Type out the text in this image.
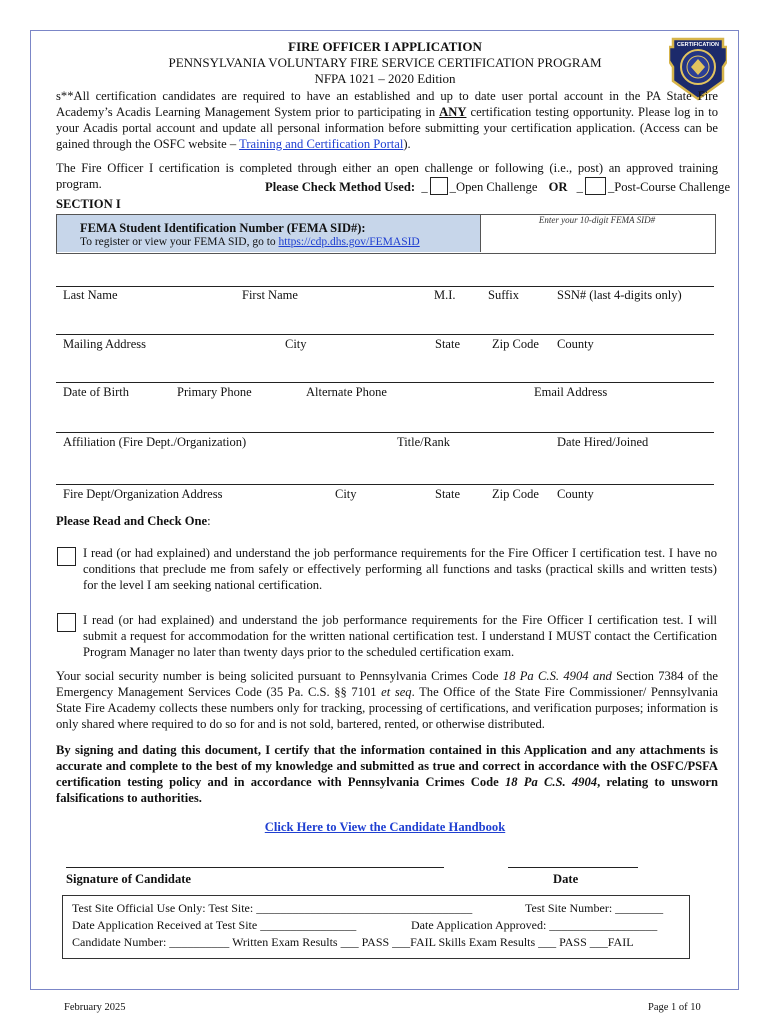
CERTIFICATION
FIRE OFFICER I APPLICATION
PENNSYLVANIA VOLUNTARY FIRE SERVICE CERTIFICATION PROGRAM
NFPA 1021 – 2020 Edition
s**All certification candidates are required to have an established and up to date user portal account in the PA State Fire Academy’s Acadis Learning Management System prior to participating in ANY certification testing opportunity. Please log in to your Acadis portal account and update all personal information before submitting your certification application. (Access can be gained through the OSFC website – Training and Certification Portal).
The Fire Officer I certification is completed through either an open challenge or following (i.e., post) an approved training program.	Please Check Method Used:  _ _Open Challenge OR _ _Post-Course Challenge
SECTION I
FEMA Student Identification Number (FEMA SID#):
To register or view your FEMA SID, go to https://cdp.dhs.gov/FEMASID
Enter your 10-digit FEMA SID#
Last Name	First Name	M.I.	Suffix	SSN# (last 4-digits only)
Mailing Address	City	State	Zip Code County
Date of Birth	Primary Phone	Alternate Phone	Email Address
Affiliation (Fire Dept./Organization)	Title/Rank	Date Hired/Joined
Fire Dept/Organization Address	City	State	Zip Code County
Please Read and Check One:
I read (or had explained) and understand the job performance requirements for the Fire Officer I certification test. I have no conditions that preclude me from safely or effectively performing all functions and tasks (practical skills and written tests) for the level I am seeking national certification.
I read (or had explained) and understand the job performance requirements for the Fire Officer I certification test. I will submit a request for accommodation for the written national certification test. I understand I MUST contact the Certification Program Manager no later than twenty days prior to the scheduled certification exam.
Your social security number is being solicited pursuant to Pennsylvania Crimes Code 18 Pa C.S. 4904 and Section 7384 of the Emergency Management Services Code (35 Pa. C.S. §§ 7101 et seq. The Office of the State Fire Commissioner/ Pennsylvania State Fire Academy collects these numbers only for tracking, processing of certifications, and verification purposes; information is only shared where required to do so for and is not sold, bartered, rented, or otherwise distributed.
By signing and dating this document, I certify that the information contained in this Application and any attachments is accurate and complete to the best of my knowledge and submitted as true and correct in accordance with the OSFC/PSFA certification testing policy and in accordance with Pennsylvania Crimes Code 18 Pa C.S. 4904, relating to unsworn falsifications to authorities.
Click Here to View the Candidate Handbook
Signature of Candidate	Date
Test Site Official Use Only: Test Site: ____________________________________	Test Site Number: ________
Date Application Received at Test Site ________________	Date Application Approved: __________________
Candidate Number: __________ Written Exam Results ___ PASS ___FAIL Skills Exam Results ___ PASS ___FAIL
February 2025	Page 1 of 10
